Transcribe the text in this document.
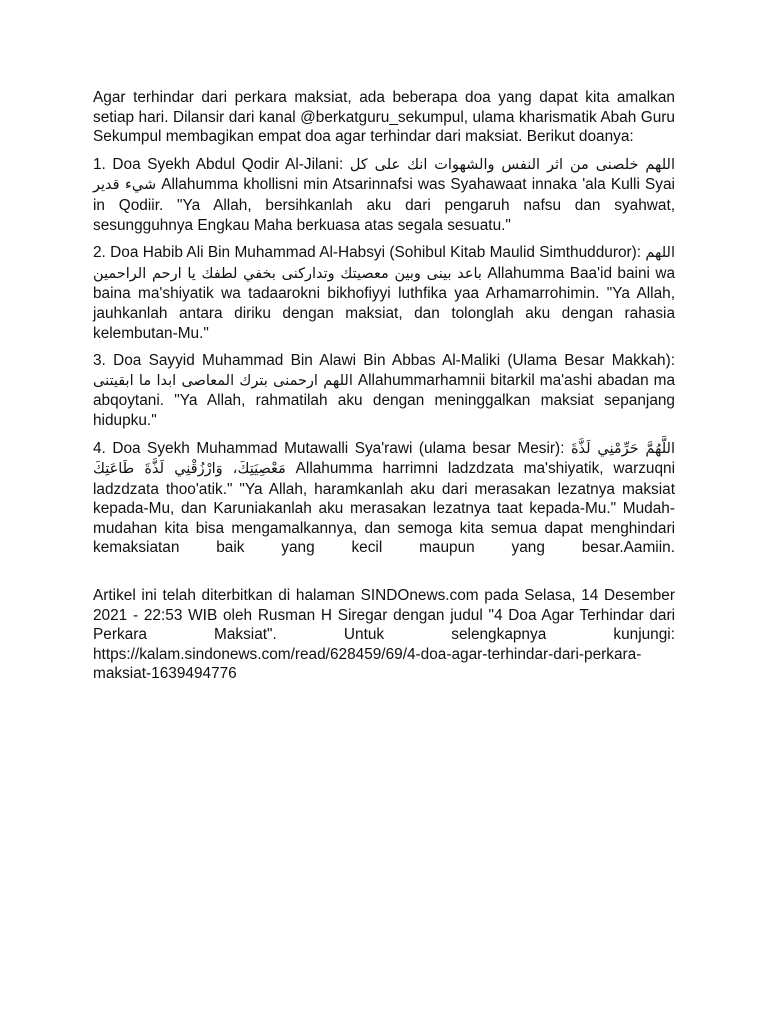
Agar terhindar dari perkara maksiat, ada beberapa doa yang dapat kita amalkan setiap hari. Dilansir dari kanal @berkatguru_sekumpul, ulama kharismatik Abah Guru Sekumpul membagikan empat doa agar terhindar dari maksiat. Berikut doanya:

1. Doa Syekh Abdul Qodir Al-Jilani: اللهم خلصنى من اثر النفس والشهوات انك على كل شيء قدير Allahumma khollisni min Atsarinnafsi was Syahawaat innaka 'ala Kulli Syai in Qodiir. "Ya Allah, bersihkanlah aku dari pengaruh nafsu dan syahwat, sesungguhnya Engkau Maha berkuasa atas segala sesuatu."

2. Doa Habib Ali Bin Muhammad Al-Habsyi (Sohibul Kitab Maulid Simthudduror): اللهم باعد بينى وبين معصيتك وتداركنى بخفي لطفك يا ارحم الراحمين Allahumma Baa'id baini wa baina ma'shiyatik wa tadaarokni bikhofiyyi luthfika yaa Arhamarrohimin. "Ya Allah, jauhkanlah antara diriku dengan maksiat, dan tolonglah aku dengan rahasia kelembutan-Mu."

3. Doa Sayyid Muhammad Bin Alawi Bin Abbas Al-Maliki (Ulama Besar Makkah): اللهم ارحمنى بترك المعاصى ابدا ما ابقيتنى Allahummarhamnii bitarkil ma'ashi abadan ma abqoytani. "Ya Allah, rahmatilah aku dengan meninggalkan maksiat sepanjang hidupku."

4. Doa Syekh Muhammad Mutawalli Sya'rawi (ulama besar Mesir): اللَّهُمَّ حَرِّمْنِي لَذَّةَ مَعْصِيَتِكَ، وَارْزُقْنِي لَذَّةَ طَاعَتِكَ Allahumma harrimni ladzdzata ma'shiyatik, warzuqni ladzdzata thoo'atik." "Ya Allah, haramkanlah aku dari merasakan lezatnya maksiat kepada-Mu, dan Karuniakanlah aku merasakan lezatnya taat kepada-Mu." Mudah-mudahan kita bisa mengamalkannya, dan semoga kita semua dapat menghindari kemaksiatan baik yang kecil maupun yang besar.Aamiin.

Artikel ini telah diterbitkan di halaman SINDOnews.com pada Selasa, 14 Desember 2021 - 22:53 WIB oleh Rusman H Siregar dengan judul "4 Doa Agar Terhindar dari Perkara Maksiat". Untuk selengkapnya kunjungi: https://kalam.sindonews.com/read/628459/69/4-doa-agar-terhindar-dari-perkara-maksiat-1639494776
